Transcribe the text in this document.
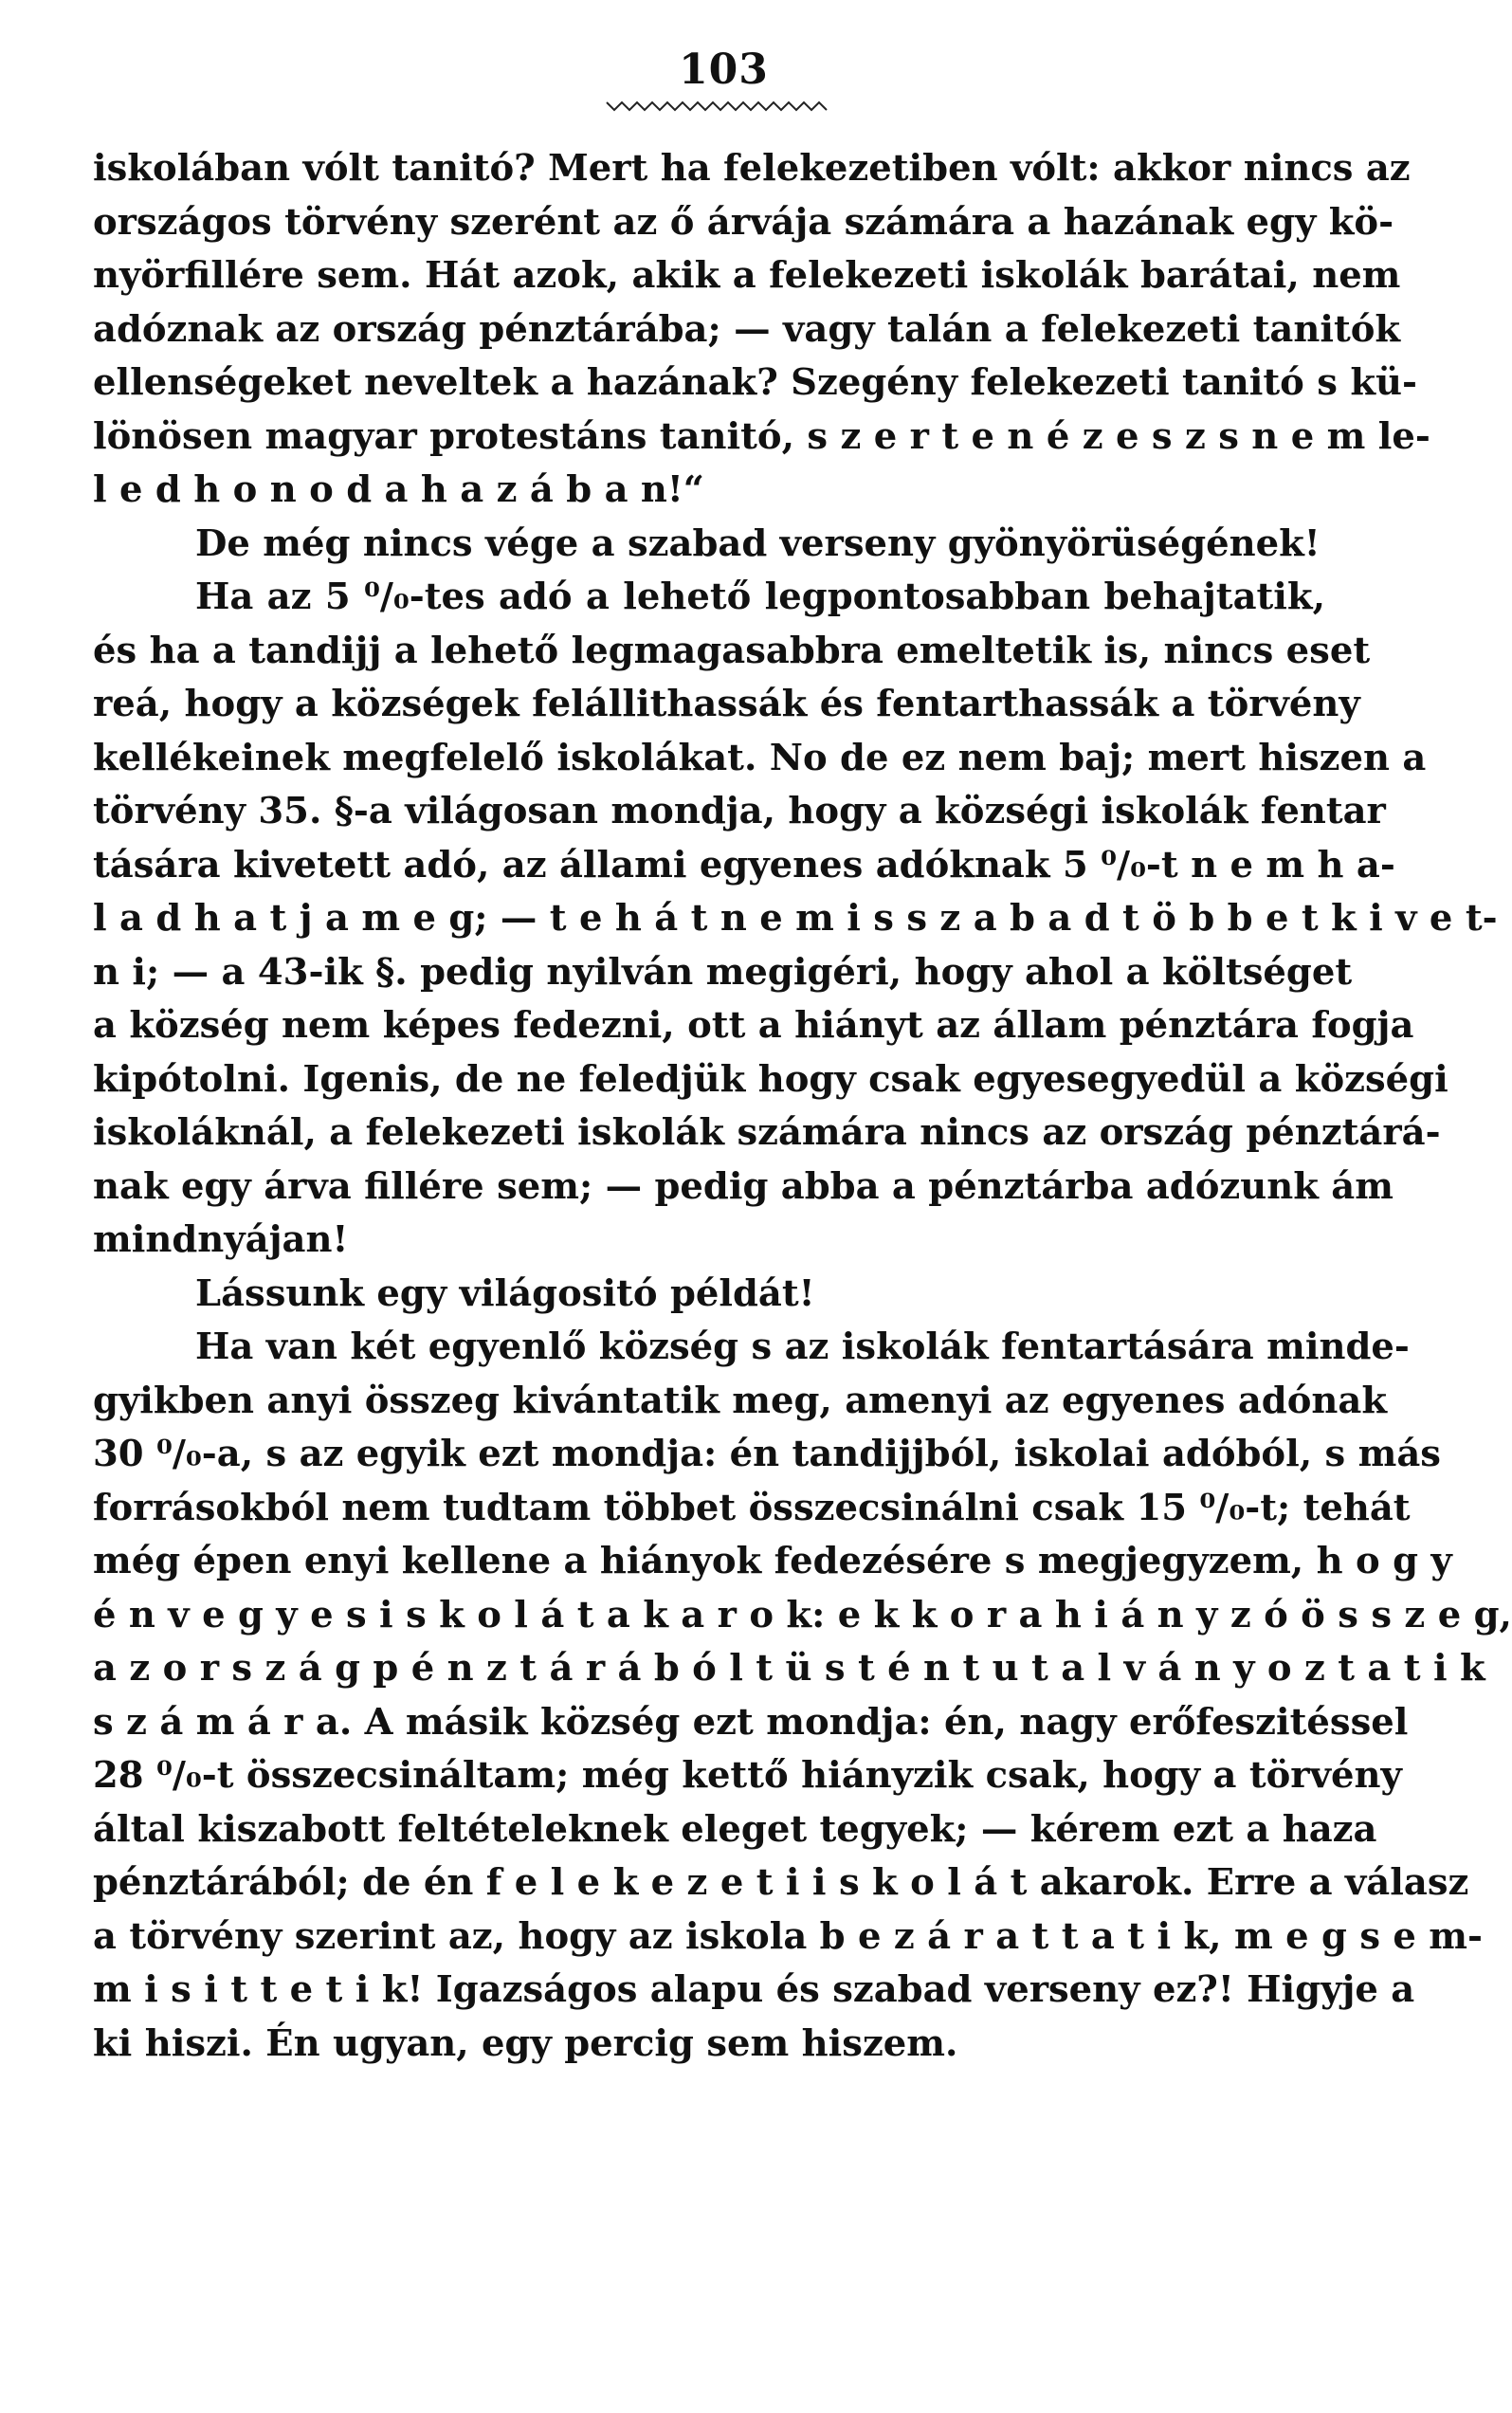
103
iskolában vólt tanitó? Mert ha felekezetiben vólt: akkor nincs az
országos törvény szerént az ő árvája számára a hazának egy kö-
nyörfillére sem. Hát azok, akik a felekezeti iskolák barátai, nem
adóznak az ország pénztárába; — vagy talán a felekezeti tanitók
ellenségeket neveltek a hazának? Szegény felekezeti tanitó s kü-
lönösen magyar protestáns tanitó, s z e r t e n é z e s z s n e m le-
l e d h o n o d a h a z á b a n!“
De még nincs vége a szabad verseny gyönyörüségének!
Ha az 5 ⁰/₀-tes adó a lehető legpontosabban behajtatik,
és ha a tandijj a lehető legmagasabbra emeltetik is, nincs eset
reá, hogy a községek felállithassák és fentarthassák a törvény
kellékeinek megfelelő iskolákat. No de ez nem baj; mert hiszen a
törvény 35. §-a világosan mondja, hogy a községi iskolák fentar
tására kivetett adó, az állami egyenes adóknak 5 ⁰/₀-t n e m h a-
l a d h a t j a m e g; — t e h á t n e m i s s z a b a d t ö b b e t k i v e t-
n i; — a 43-ik §. pedig nyilván megigéri, hogy ahol a költséget
a község nem képes fedezni, ott a hiányt az állam pénztára fogja
kipótolni. Igenis, de ne feledjük hogy csak egyesegyedül a községi
iskoláknál, a felekezeti iskolák számára nincs az ország pénztárá-
nak egy árva fillére sem; — pedig abba a pénztárba adózunk ám
mindnyájan!
Lássunk egy világositó példát!
Ha van két egyenlő község s az iskolák fentartására minde-
gyikben anyi összeg kivántatik meg, amenyi az egyenes adónak
30 ⁰/₀-a, s az egyik ezt mondja: én tandijjból, iskolai adóból, s más
forrásokból nem tudtam többet összecsinálni csak 15 ⁰/₀-t; tehát
még épen enyi kellene a hiányok fedezésére s megjegyzem, h o g y
é n v e g y e s i s k o l á t a k a r o k: e k k o r a h i á n y z ó ö s s z e g,
a z o r s z á g p é n z t á r á b ó l t ü s t é n t u t a l v á n y o z t a t i k
s z á m á r a. A másik község ezt mondja: én, nagy erőfeszitéssel
28 ⁰/₀-t összecsináltam; még kettő hiányzik csak, hogy a törvény
által kiszabott feltételeknek eleget tegyek; — kérem ezt a haza
pénztárából; de én f e l e k e z e t i i s k o l á t akarok. Erre a válasz
a törvény szerint az, hogy az iskola b e z á r a t t a t i k, m e g s e m-
m i s i t t e t i k! Igazságos alapu és szabad verseny ez?! Higyje a
ki hiszi. Én ugyan, egy percig sem hiszem.
